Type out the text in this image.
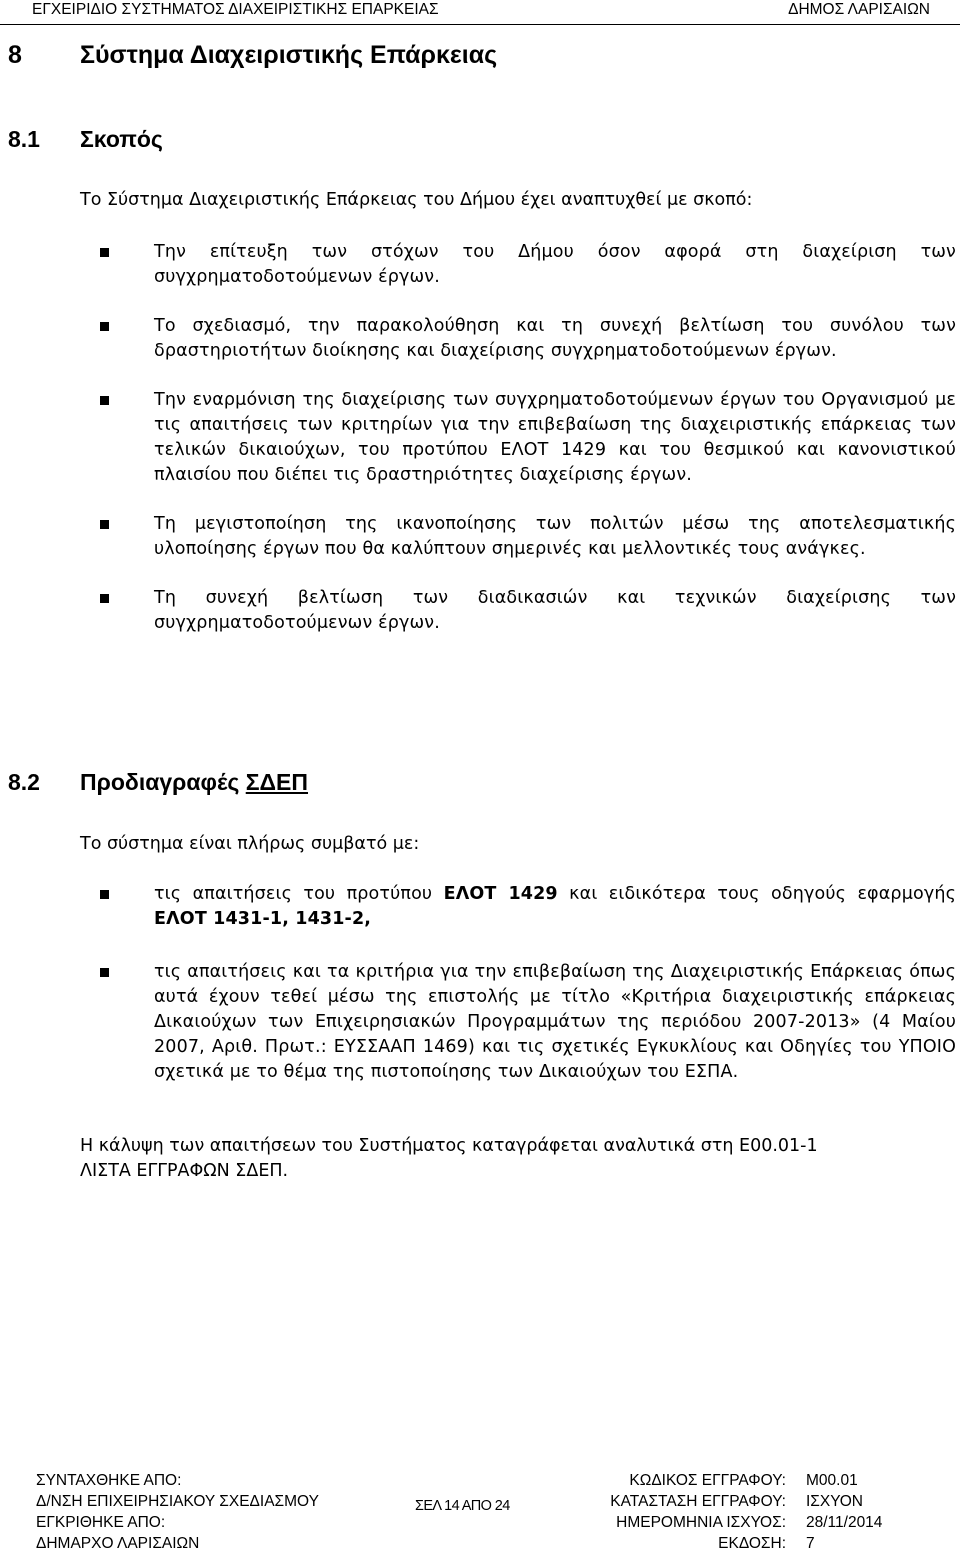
ΕΓΧΕΙΡΙΔΙΟ ΣΥΣΤΗΜΑΤΟΣ ΔΙΑΧΕΙΡΙΣΤΙΚΗΣ ΕΠΑΡΚΕΙΑΣ	ΔΗΜΟΣ ΛΑΡΙΣΑΙΩΝ
8 Σύστημα Διαχειριστικής Επάρκειας
8.1 Σκοπός

Το Σύστημα Διαχειριστικής Επάρκειας του Δήμου έχει αναπτυχθεί με σκοπό:

Την επίτευξη των στόχων του Δήμου όσον αφορά στη διαχείριση των συγχρηματοδοτούμενων έργων.
Το σχεδιασμό, την παρακολούθηση και τη συνεχή βελτίωση του συνόλου των δραστηριοτήτων διοίκησης και διαχείρισης συγχρηματοδοτούμενων έργων.
Την εναρμόνιση της διαχείρισης των συγχρηματοδοτούμενων έργων του Οργανισμού με τις απαιτήσεις των κριτηρίων για την επιβεβαίωση της διαχειριστικής επάρκειας των τελικών δικαιούχων, του προτύπου ΕΛΟΤ 1429 και του θεσμικού και κανονιστικού πλαισίου που διέπει τις δραστηριότητες διαχείρισης έργων.
Τη μεγιστοποίηση της ικανοποίησης των πολιτών μέσω της αποτελεσματικής υλοποίησης έργων που θα καλύπτουν σημερινές και μελλοντικές τους ανάγκες.
Τη συνεχή βελτίωση των διαδικασιών και τεχνικών διαχείρισης των συγχρηματοδοτούμενων έργων.
8.2 Προδιαγραφές ΣΔΕΠ

Το σύστημα είναι πλήρως συμβατό με:

τις απαιτήσεις του προτύπου ΕΛΟΤ 1429 και ειδικότερα τους οδηγούς εφαρμογής ΕΛΟΤ 1431-1, 1431-2,
τις απαιτήσεις και τα κριτήρια για την επιβεβαίωση της Διαχειριστικής Επάρκειας όπως αυτά έχουν τεθεί μέσω της επιστολής με τίτλο «Κριτήρια διαχειριστικής επάρκειας Δικαιούχων των Επιχειρησιακών Προγραμμάτων της περιόδου 2007-2013» (4 Μαίου 2007, Αριθ. Πρωτ.: ΕΥΣΣΑΑΠ 1469) και τις σχετικές Εγκυκλίους και Οδηγίες του ΥΠΟΙΟ σχετικά με το θέμα της πιστοποίησης των Δικαιούχων του ΕΣΠΑ.

Η κάλυψη των απαιτήσεων του Συστήματος καταγράφεται αναλυτικά στη Ε00.01-1
ΛΙΣΤΑ ΕΓΓΡΑΦΩΝ ΣΔΕΠ.

ΣΥΝΤΑΧΘΗΚΕ ΑΠΟ:
Δ/ΝΣΗ ΕΠΙΧΕΙΡΗΣΙΑΚΟΥ ΣΧΕΔΙΑΣΜΟΥ
ΕΓΚΡΙΘΗΚΕ ΑΠΟ:
ΔΗΜΑΡΧΟ ΛΑΡΙΣΑΙΩΝ
ΣΕΛ 14 ΑΠΟ 24
ΚΩΔΙΚΟΣ ΕΓΓΡΑΦΟΥ:
ΚΑΤΑΣΤΑΣΗ ΕΓΓΡΑΦΟΥ:
ΗΜΕΡΟΜΗΝΙΑ ΙΣΧΥΟΣ:
ΕΚΔΟΣΗ:
Μ00.01
ΙΣΧΥΟΝ
28/11/2014
7
